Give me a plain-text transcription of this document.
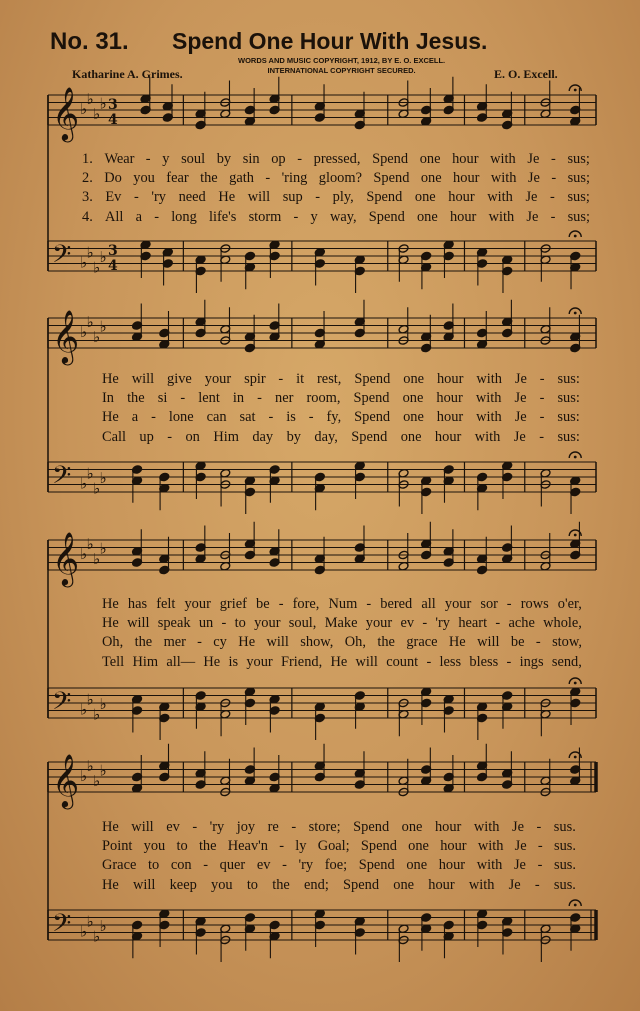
No. 31. Spend One Hour With Jesus.
WORDS AND MUSIC COPYRIGHT, 1912, BY E. O. EXCELL.
INTERNATIONAL COPYRIGHT SECURED.
Katharine A. Grimes.	E. O. Excell.
𝄞 ♭
♭
♭
♭ 3
4
𝄢 ♭
♭
♭
♭ 3
4
𝄞 ♭
♭
♭
♭
𝄢 ♭
♭
♭
♭
𝄞 ♭
♭
♭
♭
𝄢 ♭
♭
♭
♭
𝄞 ♭
♭
♭
♭
𝄢 ♭
♭
♭
♭
1. Wear - y soul by sin op - pressed, Spend one hour with Je - sus;
2. Do you fear the gath - 'ring gloom? Spend one hour with Je - sus;
3. Ev - 'ry need He will sup - ply, Spend one hour with Je - sus;
4. All a - long life's storm - y way, Spend one hour with Je - sus;
He will give your spir - it rest, Spend one hour with Je - sus:
In the si - lent in - ner room, Spend one hour with Je - sus:
He a - lone can sat - is - fy, Spend one hour with Je - sus:
Call up - on Him day by day, Spend one hour with Je - sus:
He has felt your grief be - fore, Num - bered all your sor - rows o'er,
He will speak un - to your soul, Make your ev - 'ry heart - ache whole,
Oh, the mer - cy He will show, Oh, the grace He will be - stow,
Tell Him all— He is your Friend, He will count - less bless - ings send,
He will ev - 'ry joy re - store; Spend one hour with Je - sus.
Point you to the Heav'n - ly Goal; Spend one hour with Je - sus.
Grace to con - quer ev - 'ry foe; Spend one hour with Je - sus.
He will keep you to the end; Spend one hour with Je - sus.
